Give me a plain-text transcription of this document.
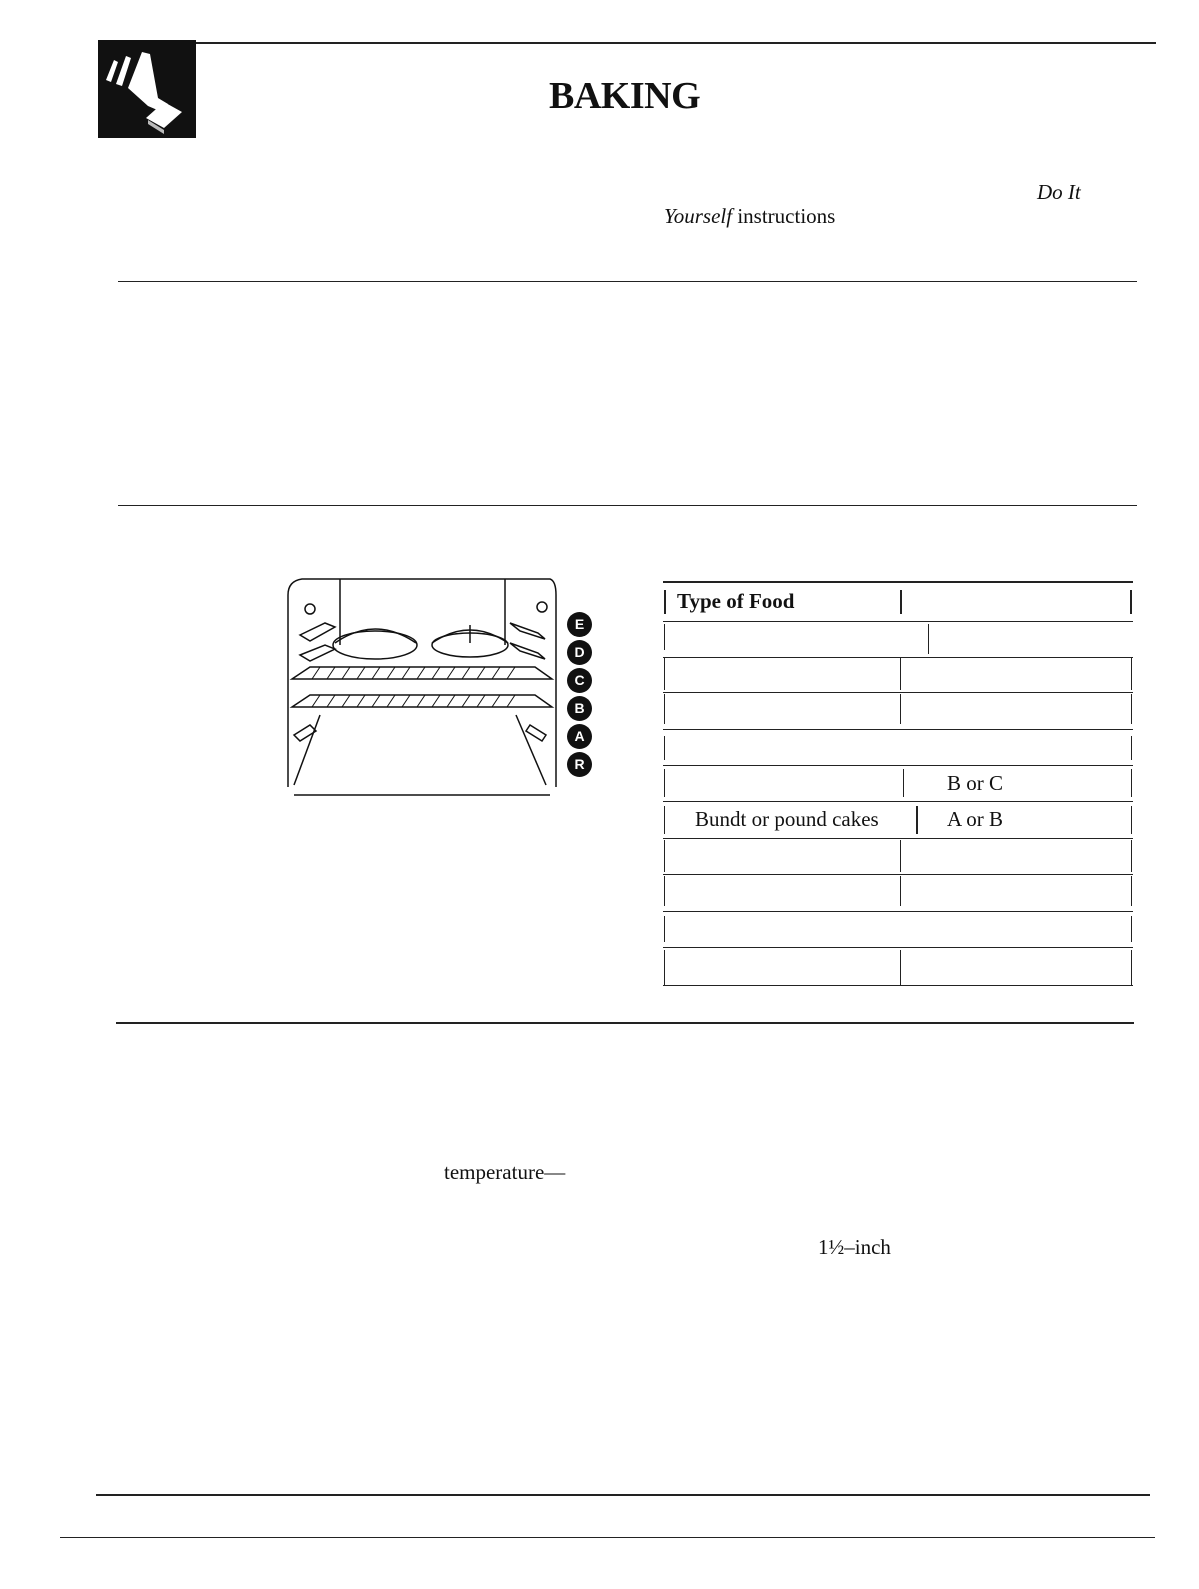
BAKING
Do It
Yourself instructions
E
D
C
B
A
R
Type of Food
B or C
Bundt or pound cakes	A or B
temperature—
1½–inch
